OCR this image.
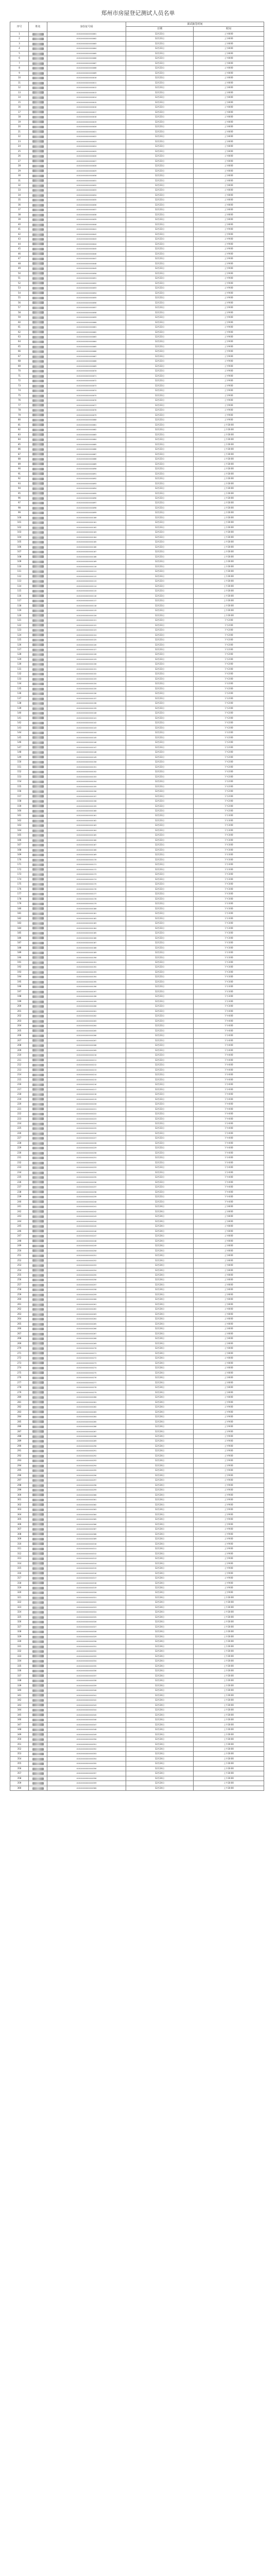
郑州市房屋登记测试人员名单
序号	姓名	身份证号码	面试抽签时间	
			日期	时间
1		4101XXXXXXXXXXX001	12月23日	上午8:00
2		4101XXXXXXXXXXX002	12月23日	上午8:00
3		4101XXXXXXXXXXX003	12月23日	上午8:00
4		4101XXXXXXXXXXX004	12月23日	上午8:00
5		4101XXXXXXXXXXX005	12月23日	上午8:00
6		4101XXXXXXXXXXX006	12月23日	上午8:00
7		4101XXXXXXXXXXX007	12月23日	上午8:00
8		4101XXXXXXXXXXX008	12月23日	上午8:00
9		4101XXXXXXXXXXX009	12月23日	上午8:00
10		4101XXXXXXXXXXX010	12月23日	上午8:00
11		4101XXXXXXXXXXX011	12月23日	上午8:00
12		4101XXXXXXXXXXX012	12月23日	上午8:00
13		4101XXXXXXXXXXX013	12月23日	上午8:00
14		4101XXXXXXXXXXX014	12月23日	上午8:00
15		4101XXXXXXXXXXX015	12月23日	上午8:00
16		4101XXXXXXXXXXX016	12月23日	上午8:00
17		4101XXXXXXXXXXX017	12月23日	上午8:00
18		4101XXXXXXXXXXX018	12月23日	上午8:00
19		4101XXXXXXXXXXX019	12月23日	上午8:00
20		4101XXXXXXXXXXX020	12月23日	上午8:00
21		4101XXXXXXXXXXX021	12月23日	上午8:00
22		4101XXXXXXXXXXX022	12月23日	上午8:00
23		4101XXXXXXXXXXX023	12月23日	上午8:00
24		4101XXXXXXXXXXX024	12月23日	上午8:00
25		4101XXXXXXXXXXX025	12月23日	上午8:00
26		4101XXXXXXXXXXX026	12月23日	上午8:00
27		4101XXXXXXXXXXX027	12月23日	上午8:00
28		4101XXXXXXXXXXX028	12月23日	上午8:00
29		4101XXXXXXXXXXX029	12月23日	上午8:00
30		4101XXXXXXXXXXX030	12月23日	上午8:00
31		4101XXXXXXXXXXX031	12月23日	上午8:00
32		4101XXXXXXXXXXX032	12月23日	上午8:00
33		4101XXXXXXXXXXX033	12月23日	上午8:00
34		4101XXXXXXXXXXX034	12月23日	上午8:00
35		4101XXXXXXXXXXX035	12月23日	上午8:00
36		4101XXXXXXXXXXX036	12月23日	上午8:00
37		4101XXXXXXXXXXX037	12月23日	上午8:00
38		4101XXXXXXXXXXX038	12月23日	上午8:00
39		4101XXXXXXXXXXX039	12月23日	上午8:00
40		4101XXXXXXXXXXX040	12月23日	上午8:00
41		4101XXXXXXXXXXX041	12月23日	上午9:00
42		4101XXXXXXXXXXX042	12月23日	上午9:00
43		4101XXXXXXXXXXX043	12月23日	上午9:00
44		4101XXXXXXXXXXX044	12月23日	上午9:00
45		4101XXXXXXXXXXX045	12月23日	上午9:00
46		4101XXXXXXXXXXX046	12月23日	上午9:00
47		4101XXXXXXXXXXX047	12月23日	上午9:00
48		4101XXXXXXXXXXX048	12月23日	上午9:00
49		4101XXXXXXXXXXX049	12月23日	上午9:00
50		4101XXXXXXXXXXX050	12月23日	上午9:00
51		4101XXXXXXXXXXX051	12月23日	上午9:00
52		4101XXXXXXXXXXX052	12月23日	上午9:00
53		4101XXXXXXXXXXX053	12月23日	上午9:00
54		4101XXXXXXXXXXX054	12月23日	上午9:00
55		4101XXXXXXXXXXX055	12月23日	上午9:00
56		4101XXXXXXXXXXX056	12月23日	上午9:00
57		4101XXXXXXXXXXX057	12月23日	上午9:00
58		4101XXXXXXXXXXX058	12月23日	上午9:00
59		4101XXXXXXXXXXX059	12月23日	上午9:00
60		4101XXXXXXXXXXX060	12月23日	上午9:00
61		4101XXXXXXXXXXX061	12月23日	上午9:00
62		4101XXXXXXXXXXX062	12月23日	上午9:00
63		4101XXXXXXXXXXX063	12月23日	上午9:00
64		4101XXXXXXXXXXX064	12月23日	上午9:00
65		4101XXXXXXXXXXX065	12月23日	上午9:00
66		4101XXXXXXXXXXX066	12月23日	上午9:00
67		4101XXXXXXXXXXX067	12月23日	上午9:00
68		4101XXXXXXXXXXX068	12月23日	上午9:00
69		4101XXXXXXXXXXX069	12月23日	上午9:00
70		4101XXXXXXXXXXX070	12月23日	上午9:00
71		4101XXXXXXXXXXX071	12月23日	上午9:00
72		4101XXXXXXXXXXX072	12月23日	上午9:00
73		4101XXXXXXXXXXX073	12月23日	上午9:00
74		4101XXXXXXXXXXX074	12月23日	上午9:00
75		4101XXXXXXXXXXX075	12月23日	上午9:00
76		4101XXXXXXXXXXX076	12月23日	上午9:00
77		4101XXXXXXXXXXX077	12月23日	上午9:00
78		4101XXXXXXXXXXX078	12月23日	上午9:00
79		4101XXXXXXXXXXX079	12月23日	上午9:00
80		4101XXXXXXXXXXX080	12月23日	上午9:00
81		4101XXXXXXXXXXX081	12月23日	上午10:00
82		4101XXXXXXXXXXX082	12月23日	上午10:00
83		4101XXXXXXXXXXX083	12月23日	上午10:00
84		4101XXXXXXXXXXX084	12月23日	上午10:00
85		4101XXXXXXXXXXX085	12月23日	上午10:00
86		4101XXXXXXXXXXX086	12月23日	上午10:00
87		4101XXXXXXXXXXX087	12月23日	上午10:00
88		4101XXXXXXXXXXX088	12月23日	上午10:00
89		4101XXXXXXXXXXX089	12月23日	上午10:00
90		4101XXXXXXXXXXX090	12月23日	上午10:00
91		4101XXXXXXXXXXX091	12月23日	上午10:00
92		4101XXXXXXXXXXX092	12月23日	上午10:00
93		4101XXXXXXXXXXX093	12月23日	上午10:00
94		4101XXXXXXXXXXX094	12月23日	上午10:00
95		4101XXXXXXXXXXX095	12月23日	上午10:00
96		4101XXXXXXXXXXX096	12月23日	上午10:00
97		4101XXXXXXXXXXX097	12月23日	上午10:00
98		4101XXXXXXXXXXX098	12月23日	上午10:00
99		4101XXXXXXXXXXX099	12月23日	上午10:00
100		4101XXXXXXXXXXX100	12月23日	上午10:00
101		4101XXXXXXXXXXX101	12月23日	上午10:00
102		4101XXXXXXXXXXX102	12月23日	上午10:00
103		4101XXXXXXXXXXX103	12月23日	上午10:00
104		4101XXXXXXXXXXX104	12月23日	上午10:00
105		4101XXXXXXXXXXX105	12月23日	上午10:00
106		4101XXXXXXXXXXX106	12月23日	上午10:00
107		4101XXXXXXXXXXX107	12月23日	上午10:00
108		4101XXXXXXXXXXX108	12月23日	上午10:00
109		4101XXXXXXXXXXX109	12月23日	上午10:00
110		4101XXXXXXXXXXX110	12月23日	上午10:00
111		4101XXXXXXXXXXX111	12月23日	上午10:00
112		4101XXXXXXXXXXX112	12月23日	上午10:00
113		4101XXXXXXXXXXX113	12月23日	上午10:00
114		4101XXXXXXXXXXX114	12月23日	上午10:00
115		4101XXXXXXXXXXX115	12月23日	上午10:00
116		4101XXXXXXXXXXX116	12月23日	上午10:00
117		4101XXXXXXXXXXX117	12月23日	上午10:00
118		4101XXXXXXXXXXX118	12月23日	上午10:00
119		4101XXXXXXXXXXX119	12月23日	上午10:00
120		4101XXXXXXXXXXX120	12月23日	上午10:00
121		4101XXXXXXXXXXX121	12月23日	下午2:00
122		4101XXXXXXXXXXX122	12月23日	下午2:00
123		4101XXXXXXXXXXX123	12月23日	下午2:00
124		4101XXXXXXXXXXX124	12月23日	下午2:00
125		4101XXXXXXXXXXX125	12月23日	下午2:00
126		4101XXXXXXXXXXX126	12月23日	下午2:00
127		4101XXXXXXXXXXX127	12月23日	下午2:00
128		4101XXXXXXXXXXX128	12月23日	下午2:00
129		4101XXXXXXXXXXX129	12月23日	下午2:00
130		4101XXXXXXXXXXX130	12月23日	下午2:00
131		4101XXXXXXXXXXX131	12月23日	下午2:00
132		4101XXXXXXXXXXX132	12月23日	下午2:00
133		4101XXXXXXXXXXX133	12月23日	下午2:00
134		4101XXXXXXXXXXX134	12月23日	下午2:00
135		4101XXXXXXXXXXX135	12月23日	下午2:00
136		4101XXXXXXXXXXX136	12月23日	下午2:00
137		4101XXXXXXXXXXX137	12月23日	下午2:00
138		4101XXXXXXXXXXX138	12月23日	下午2:00
139		4101XXXXXXXXXXX139	12月23日	下午2:00
140		4101XXXXXXXXXXX140	12月23日	下午2:00
141		4101XXXXXXXXXXX141	12月23日	下午2:00
142		4101XXXXXXXXXXX142	12月23日	下午2:00
143		4101XXXXXXXXXXX143	12月23日	下午2:00
144		4101XXXXXXXXXXX144	12月23日	下午2:00
145		4101XXXXXXXXXXX145	12月23日	下午2:00
146		4101XXXXXXXXXXX146	12月23日	下午2:00
147		4101XXXXXXXXXXX147	12月23日	下午2:00
148		4101XXXXXXXXXXX148	12月23日	下午2:00
149		4101XXXXXXXXXXX149	12月23日	下午2:00
150		4101XXXXXXXXXXX150	12月23日	下午2:00
151		4101XXXXXXXXXXX151	12月23日	下午2:00
152		4101XXXXXXXXXXX152	12月23日	下午2:00
153		4101XXXXXXXXXXX153	12月23日	下午2:00
154		4101XXXXXXXXXXX154	12月23日	下午2:00
155		4101XXXXXXXXXXX155	12月23日	下午2:00
156		4101XXXXXXXXXXX156	12月23日	下午2:00
157		4101XXXXXXXXXXX157	12月23日	下午2:00
158		4101XXXXXXXXXXX158	12月23日	下午2:00
159		4101XXXXXXXXXXX159	12月23日	下午2:00
160		4101XXXXXXXXXXX160	12月23日	下午2:00
161		4101XXXXXXXXXXX161	12月23日	下午3:00
162		4101XXXXXXXXXXX162	12月23日	下午3:00
163		4101XXXXXXXXXXX163	12月23日	下午3:00
164		4101XXXXXXXXXXX164	12月23日	下午3:00
165		4101XXXXXXXXXXX165	12月23日	下午3:00
166		4101XXXXXXXXXXX166	12月23日	下午3:00
167		4101XXXXXXXXXXX167	12月23日	下午3:00
168		4101XXXXXXXXXXX168	12月23日	下午3:00
169		4101XXXXXXXXXXX169	12月23日	下午3:00
170		4101XXXXXXXXXXX170	12月23日	下午3:00
171		4101XXXXXXXXXXX171	12月23日	下午3:00
172		4101XXXXXXXXXXX172	12月23日	下午3:00
173		4101XXXXXXXXXXX173	12月23日	下午3:00
174		4101XXXXXXXXXXX174	12月23日	下午3:00
175		4101XXXXXXXXXXX175	12月23日	下午3:00
176		4101XXXXXXXXXXX176	12月23日	下午3:00
177		4101XXXXXXXXXXX177	12月23日	下午3:00
178		4101XXXXXXXXXXX178	12月23日	下午3:00
179		4101XXXXXXXXXXX179	12月23日	下午3:00
180		4101XXXXXXXXXXX180	12月23日	下午3:00
181		4101XXXXXXXXXXX181	12月23日	下午3:00
182		4101XXXXXXXXXXX182	12月23日	下午3:00
183		4101XXXXXXXXXXX183	12月23日	下午3:00
184		4101XXXXXXXXXXX184	12月23日	下午3:00
185		4101XXXXXXXXXXX185	12月23日	下午3:00
186		4101XXXXXXXXXXX186	12月23日	下午3:00
187		4101XXXXXXXXXXX187	12月23日	下午3:00
188		4101XXXXXXXXXXX188	12月23日	下午3:00
189		4101XXXXXXXXXXX189	12月23日	下午3:00
190		4101XXXXXXXXXXX190	12月23日	下午3:00
191		4101XXXXXXXXXXX191	12月23日	下午3:00
192		4101XXXXXXXXXXX192	12月23日	下午3:00
193		4101XXXXXXXXXXX193	12月23日	下午3:00
194		4101XXXXXXXXXXX194	12月23日	下午3:00
195		4101XXXXXXXXXXX195	12月23日	下午3:00
196		4101XXXXXXXXXXX196	12月23日	下午3:00
197		4101XXXXXXXXXXX197	12月23日	下午3:00
198		4101XXXXXXXXXXX198	12月23日	下午3:00
199		4101XXXXXXXXXXX199	12月23日	下午3:00
200		4101XXXXXXXXXXX200	12月23日	下午3:00
201		4101XXXXXXXXXXX201	12月23日	下午4:00
202		4101XXXXXXXXXXX202	12月23日	下午4:00
203		4101XXXXXXXXXXX203	12月23日	下午4:00
204		4101XXXXXXXXXXX204	12月23日	下午4:00
205		4101XXXXXXXXXXX205	12月23日	下午4:00
206		4101XXXXXXXXXXX206	12月23日	下午4:00
207		4101XXXXXXXXXXX207	12月23日	下午4:00
208		4101XXXXXXXXXXX208	12月23日	下午4:00
209		4101XXXXXXXXXXX209	12月23日	下午4:00
210		4101XXXXXXXXXXX210	12月23日	下午4:00
211		4101XXXXXXXXXXX211	12月23日	下午4:00
212		4101XXXXXXXXXXX212	12月23日	下午4:00
213		4101XXXXXXXXXXX213	12月23日	下午4:00
214		4101XXXXXXXXXXX214	12月23日	下午4:00
215		4101XXXXXXXXXXX215	12月23日	下午4:00
216		4101XXXXXXXXXXX216	12月23日	下午4:00
217		4101XXXXXXXXXXX217	12月23日	下午4:00
218		4101XXXXXXXXXXX218	12月23日	下午4:00
219		4101XXXXXXXXXXX219	12月23日	下午4:00
220		4101XXXXXXXXXXX220	12月23日	下午4:00
221		4101XXXXXXXXXXX221	12月23日	下午4:00
222		4101XXXXXXXXXXX222	12月23日	下午4:00
223		4101XXXXXXXXXXX223	12月23日	下午4:00
224		4101XXXXXXXXXXX224	12月23日	下午4:00
225		4101XXXXXXXXXXX225	12月23日	下午4:00
226		4101XXXXXXXXXXX226	12月23日	下午4:00
227		4101XXXXXXXXXXX227	12月23日	下午4:00
228		4101XXXXXXXXXXX228	12月23日	下午4:00
229		4101XXXXXXXXXXX229	12月23日	下午4:00
230		4101XXXXXXXXXXX230	12月23日	下午4:00
231		4101XXXXXXXXXXX231	12月23日	下午4:00
232		4101XXXXXXXXXXX232	12月23日	下午4:00
233		4101XXXXXXXXXXX233	12月23日	下午4:00
234		4101XXXXXXXXXXX234	12月23日	下午4:00
235		4101XXXXXXXXXXX235	12月23日	下午4:00
236		4101XXXXXXXXXXX236	12月23日	下午4:00
237		4101XXXXXXXXXXX237	12月23日	下午4:00
238		4101XXXXXXXXXXX238	12月23日	下午4:00
239		4101XXXXXXXXXXX239	12月23日	下午4:00
240		4101XXXXXXXXXXX240	12月23日	下午4:00
241		4101XXXXXXXXXXX241	12月24日	上午8:00
242		4101XXXXXXXXXXX242	12月24日	上午8:00
243		4101XXXXXXXXXXX243	12月24日	上午8:00
244		4101XXXXXXXXXXX244	12月24日	上午8:00
245		4101XXXXXXXXXXX245	12月24日	上午8:00
246		4101XXXXXXXXXXX246	12月24日	上午8:00
247		4101XXXXXXXXXXX247	12月24日	上午8:00
248		4101XXXXXXXXXXX248	12月24日	上午8:00
249		4101XXXXXXXXXXX249	12月24日	上午8:00
250		4101XXXXXXXXXXX250	12月24日	上午8:00
251		4101XXXXXXXXXXX251	12月24日	上午8:00
252		4101XXXXXXXXXXX252	12月24日	上午8:00
253		4101XXXXXXXXXXX253	12月24日	上午8:00
254		4101XXXXXXXXXXX254	12月24日	上午8:00
255		4101XXXXXXXXXXX255	12月24日	上午8:00
256		4101XXXXXXXXXXX256	12月24日	上午8:00
257		4101XXXXXXXXXXX257	12月24日	上午8:00
258		4101XXXXXXXXXXX258	12月24日	上午8:00
259		4101XXXXXXXXXXX259	12月24日	上午8:00
260		4101XXXXXXXXXXX260	12月24日	上午8:00
261		4101XXXXXXXXXXX261	12月24日	上午8:00
262		4101XXXXXXXXXXX262	12月24日	上午8:00
263		4101XXXXXXXXXXX263	12月24日	上午8:00
264		4101XXXXXXXXXXX264	12月24日	上午8:00
265		4101XXXXXXXXXXX265	12月24日	上午8:00
266		4101XXXXXXXXXXX266	12月24日	上午8:00
267		4101XXXXXXXXXXX267	12月24日	上午8:00
268		4101XXXXXXXXXXX268	12月24日	上午8:00
269		4101XXXXXXXXXXX269	12月24日	上午8:00
270		4101XXXXXXXXXXX270	12月24日	上午8:00
271		4101XXXXXXXXXXX271	12月24日	上午8:00
272		4101XXXXXXXXXXX272	12月24日	上午8:00
273		4101XXXXXXXXXXX273	12月24日	上午8:00
274		4101XXXXXXXXXXX274	12月24日	上午8:00
275		4101XXXXXXXXXXX275	12月24日	上午8:00
276		4101XXXXXXXXXXX276	12月24日	上午8:00
277		4101XXXXXXXXXXX277	12月24日	上午8:00
278		4101XXXXXXXXXXX278	12月24日	上午8:00
279		4101XXXXXXXXXXX279	12月24日	上午8:00
280		4101XXXXXXXXXXX280	12月24日	上午8:00
281		4101XXXXXXXXXXX281	12月24日	上午9:00
282		4101XXXXXXXXXXX282	12月24日	上午9:00
283		4101XXXXXXXXXXX283	12月24日	上午9:00
284		4101XXXXXXXXXXX284	12月24日	上午9:00
285		4101XXXXXXXXXXX285	12月24日	上午9:00
286		4101XXXXXXXXXXX286	12月24日	上午9:00
287		4101XXXXXXXXXXX287	12月24日	上午9:00
288		4101XXXXXXXXXXX288	12月24日	上午9:00
289		4101XXXXXXXXXXX289	12月24日	上午9:00
290		4101XXXXXXXXXXX290	12月24日	上午9:00
291		4101XXXXXXXXXXX291	12月24日	上午9:00
292		4101XXXXXXXXXXX292	12月24日	上午9:00
293		4101XXXXXXXXXXX293	12月24日	上午9:00
294		4101XXXXXXXXXXX294	12月24日	上午9:00
295		4101XXXXXXXXXXX295	12月24日	上午9:00
296		4101XXXXXXXXXXX296	12月24日	上午9:00
297		4101XXXXXXXXXXX297	12月24日	上午9:00
298		4101XXXXXXXXXXX298	12月24日	上午9:00
299		4101XXXXXXXXXXX299	12月24日	上午9:00
300		4101XXXXXXXXXXX300	12月24日	上午9:00
301		4101XXXXXXXXXXX301	12月24日	上午9:00
302		4101XXXXXXXXXXX302	12月24日	上午9:00
303		4101XXXXXXXXXXX303	12月24日	上午9:00
304		4101XXXXXXXXXXX304	12月24日	上午9:00
305		4101XXXXXXXXXXX305	12月24日	上午9:00
306		4101XXXXXXXXXXX306	12月24日	上午9:00
307		4101XXXXXXXXXXX307	12月24日	上午9:00
308		4101XXXXXXXXXXX308	12月24日	上午9:00
309		4101XXXXXXXXXXX309	12月24日	上午9:00
310		4101XXXXXXXXXXX310	12月24日	上午9:00
311		4101XXXXXXXXXXX311	12月24日	上午9:00
312		4101XXXXXXXXXXX312	12月24日	上午9:00
313		4101XXXXXXXXXXX313	12月24日	上午9:00
314		4101XXXXXXXXXXX314	12月24日	上午9:00
315		4101XXXXXXXXXXX315	12月24日	上午9:00
316		4101XXXXXXXXXXX316	12月24日	上午9:00
317		4101XXXXXXXXXXX317	12月24日	上午9:00
318		4101XXXXXXXXXXX318	12月24日	上午9:00
319		4101XXXXXXXXXXX319	12月24日	上午9:00
320		4101XXXXXXXXXXX320	12月24日	上午9:00
321		4101XXXXXXXXXXX321	12月24日	上午10:00
322		4101XXXXXXXXXXX322	12月24日	上午10:00
323		4101XXXXXXXXXXX323	12月24日	上午10:00
324		4101XXXXXXXXXXX324	12月24日	上午10:00
325		4101XXXXXXXXXXX325	12月24日	上午10:00
326		4101XXXXXXXXXXX326	12月24日	上午10:00
327		4101XXXXXXXXXXX327	12月24日	上午10:00
328		4101XXXXXXXXXXX328	12月24日	上午10:00
329		4101XXXXXXXXXXX329	12月24日	上午10:00
330		4101XXXXXXXXXXX330	12月24日	上午10:00
331		4101XXXXXXXXXXX331	12月24日	上午10:00
332		4101XXXXXXXXXXX332	12月24日	上午10:00
333		4101XXXXXXXXXXX333	12月24日	上午10:00
334		4101XXXXXXXXXXX334	12月24日	上午10:00
335		4101XXXXXXXXXXX335	12月24日	上午10:00
336		4101XXXXXXXXXXX336	12月24日	上午10:00
337		4101XXXXXXXXXXX337	12月24日	上午10:00
338		4101XXXXXXXXXXX338	12月24日	上午10:00
339		4101XXXXXXXXXXX339	12月24日	上午10:00
340		4101XXXXXXXXXXX340	12月24日	上午10:00
341		4101XXXXXXXXXXX341	12月24日	上午10:00
342		4101XXXXXXXXXXX342	12月24日	上午10:00
343		4101XXXXXXXXXXX343	12月24日	上午10:00
344		4101XXXXXXXXXXX344	12月24日	上午10:00
345		4101XXXXXXXXXXX345	12月24日	上午10:00
346		4101XXXXXXXXXXX346	12月24日	上午10:00
347		4101XXXXXXXXXXX347	12月24日	上午10:00
348		4101XXXXXXXXXXX348	12月24日	上午10:00
349		4101XXXXXXXXXXX349	12月24日	上午10:00
350		4101XXXXXXXXXXX350	12月24日	上午10:00
351		4101XXXXXXXXXXX351	12月24日	上午10:00
352		4101XXXXXXXXXXX352	12月24日	上午10:00
353		4101XXXXXXXXXXX353	12月24日	上午10:00
354		4101XXXXXXXXXXX354	12月24日	上午10:00
355		4101XXXXXXXXXXX355	12月24日	上午10:00
356		4101XXXXXXXXXXX356	12月24日	上午10:00
357		4101XXXXXXXXXXX357	12月24日	上午10:00
358		4101XXXXXXXXXXX358	12月24日	上午10:00
359		4101XXXXXXXXXXX359	12月24日	上午10:00
360		4101XXXXXXXXXXX360	12月24日	上午10:00
